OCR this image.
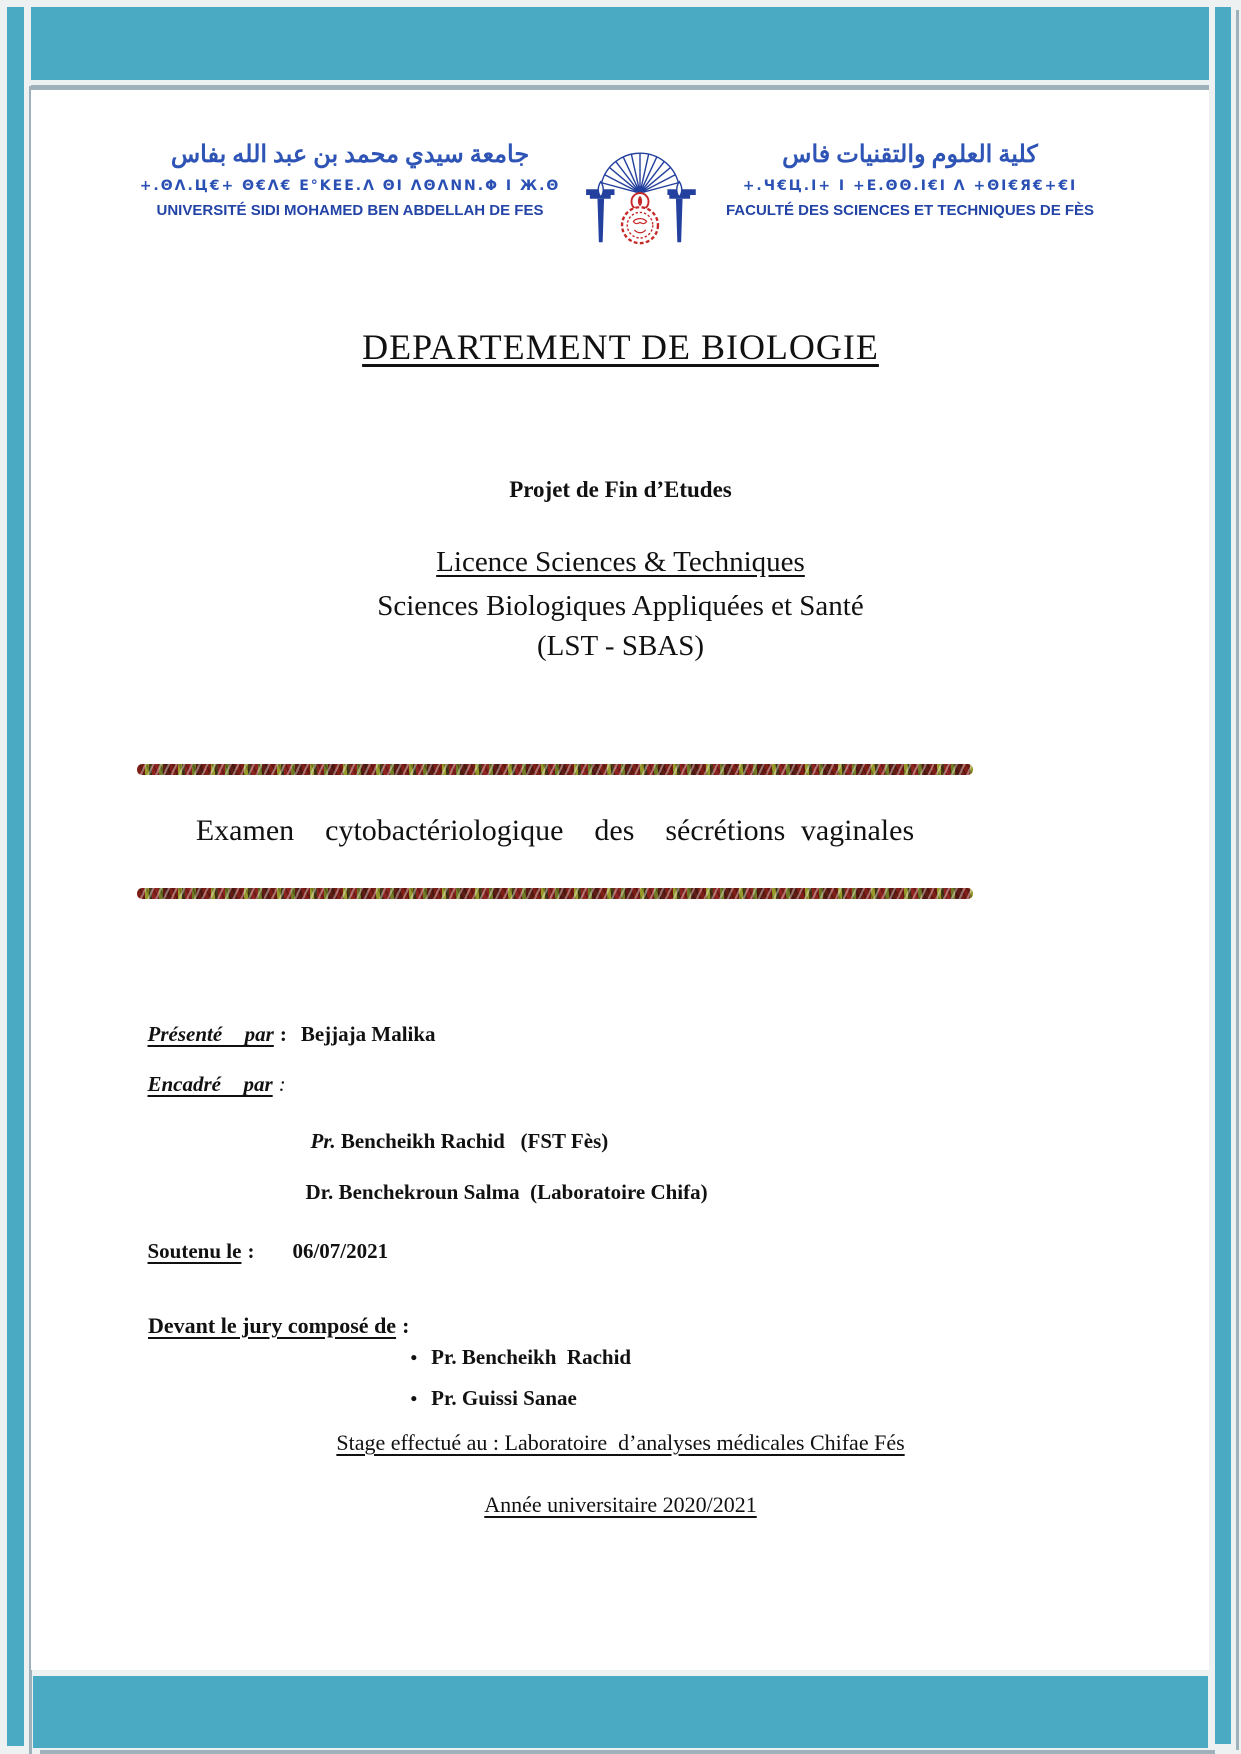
جامعة سيدي محمد بن عبد الله بفاس
+.ΘΛ.Ц€+ Θ€Λ€ Ε°ΚΕΕ.Λ ΘΙ ΛΘΛΝΝ.Φ Ι Ж.Θ
UNIVERSITÉ SIDI MOHAMED BEN ABDELLAH DE FES
كلية العلوم والتقنيات فاس
+.Ч€Ц.Ι+ Ι +Ε.ΘΘ.Ι€Ι Λ +ΘΙ€Я€+€Ι
FACULTÉ DES SCIENCES ET TECHNIQUES DE FÈS
DEPARTEMENT DE BIOLOGIE
Projet de Fin d’Etudes
Licence Sciences & Techniques
Sciences Biologiques Appliquées et Santé
(LST - SBAS)
Examen  cytobactériologique  des  sécrétions vaginales

Présenté  par : Bejjaja Malika

Encadré  par :

Pr. Bencheikh Rachid   (FST Fès)

Dr. Benchekroun Salma  (Laboratoire Chifa)

Soutenu le : 06/07/2021

Devant le jury composé de :

• Pr. Bencheikh  Rachid

• Pr. Guissi Sanae

Stage effectué au : Laboratoire  d’analyses médicales Chifae Fés
Année universitaire 2020/2021
